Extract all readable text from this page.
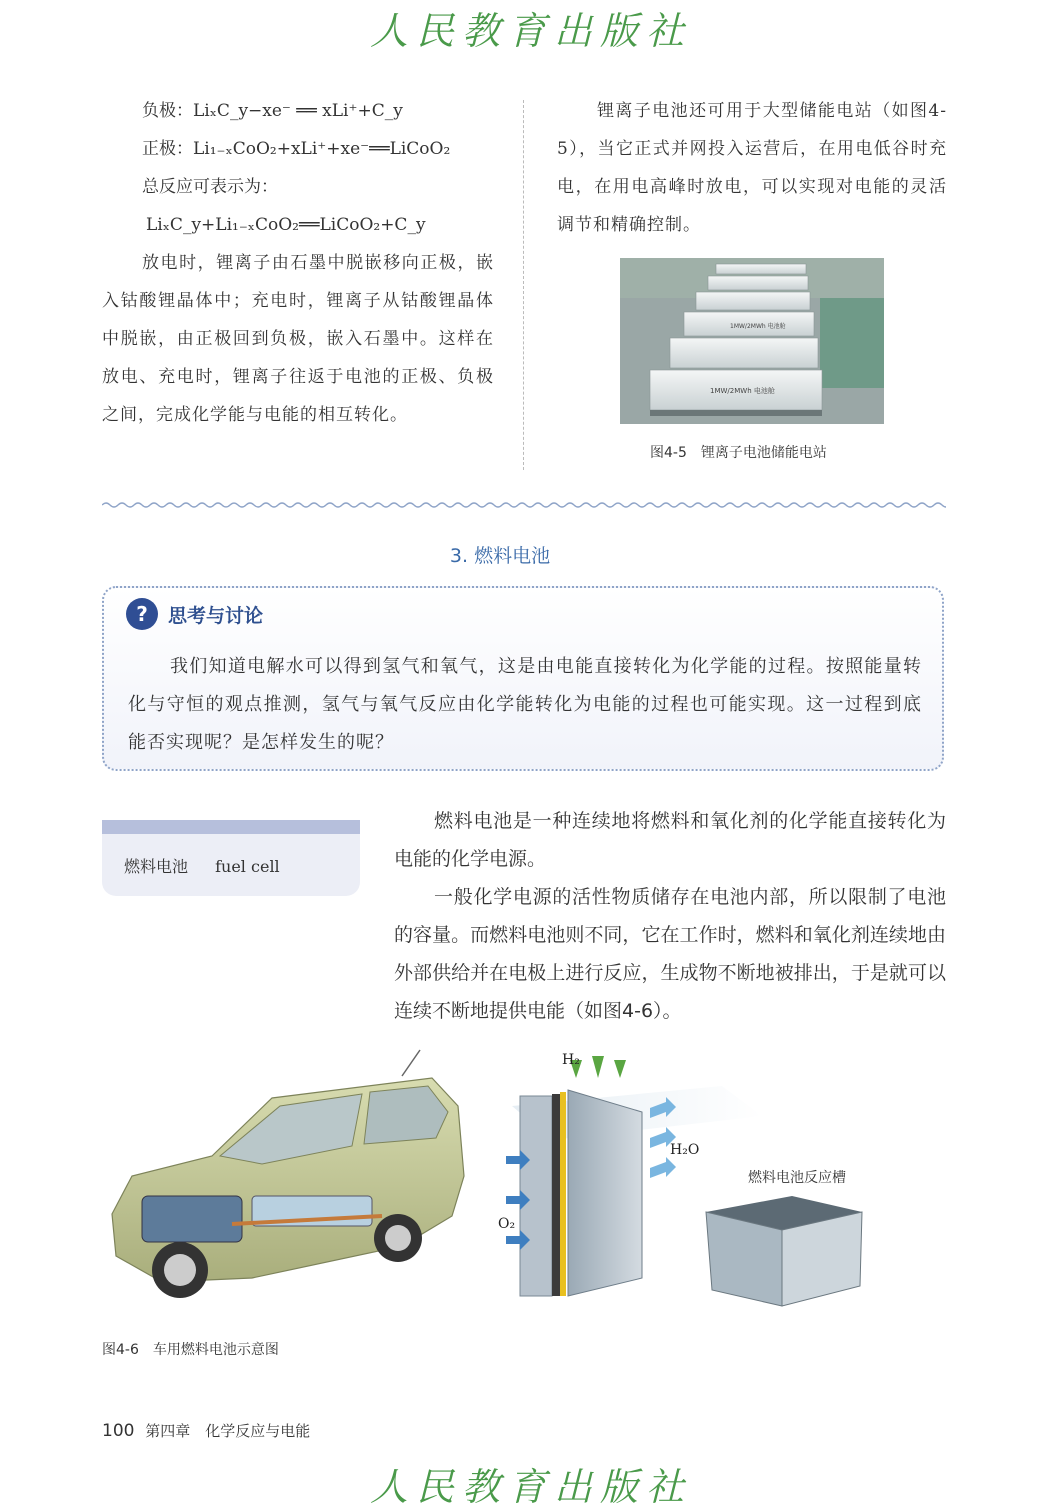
人民教育出版社
负极：LiₓC_y−xe⁻ ══ xLi⁺+C_y
正极：Li₁₋ₓCoO₂+xLi⁺+xe⁻══LiCoO₂
总反应可表示为：
LiₓC_y+Li₁₋ₓCoO₂══LiCoO₂+C_y
放电时，锂离子由石墨中脱嵌移向正极，嵌入钴酸锂晶体中；充电时，锂离子从钴酸锂晶体中脱嵌，由正极回到负极，嵌入石墨中。这样在放电、充电时，锂离子往返于电池的正极、负极之间，完成化学能与电能的相互转化。
锂离子电池还可用于大型储能电站（如图4-5），当它正式并网投入运营后，在用电低谷时充电，在用电高峰时放电，可以实现对电能的灵活调节和精确控制。
1MW/2MWh 电池舱
1MW/2MWh 电池舱
图4-5　锂离子电池储能电站
3. 燃料电池
?	思考与讨论
我们知道电解水可以得到氢气和氧气，这是由电能直接转化为化学能的过程。按照能量转化与守恒的观点推测，氢气与氧气反应由化学能转化为电能的过程也可能实现。这一过程到底能否实现呢？是怎样发生的呢？
燃料电池 fuel cell
燃料电池是一种连续地将燃料和氧化剂的化学能直接转化为电能的化学电源。
一般化学电源的活性物质储存在电池内部，所以限制了电池的容量。而燃料电池则不同，它在工作时，燃料和氧化剂连续地由外部供给并在电极上进行反应，生成物不断地被排出，于是就可以连续不断地提供电能（如图4-6）。
H₂
H₂O
O₂
燃料电池反应槽
图4-6　车用燃料电池示意图
100 第四章　化学反应与电能
人民教育出版社
